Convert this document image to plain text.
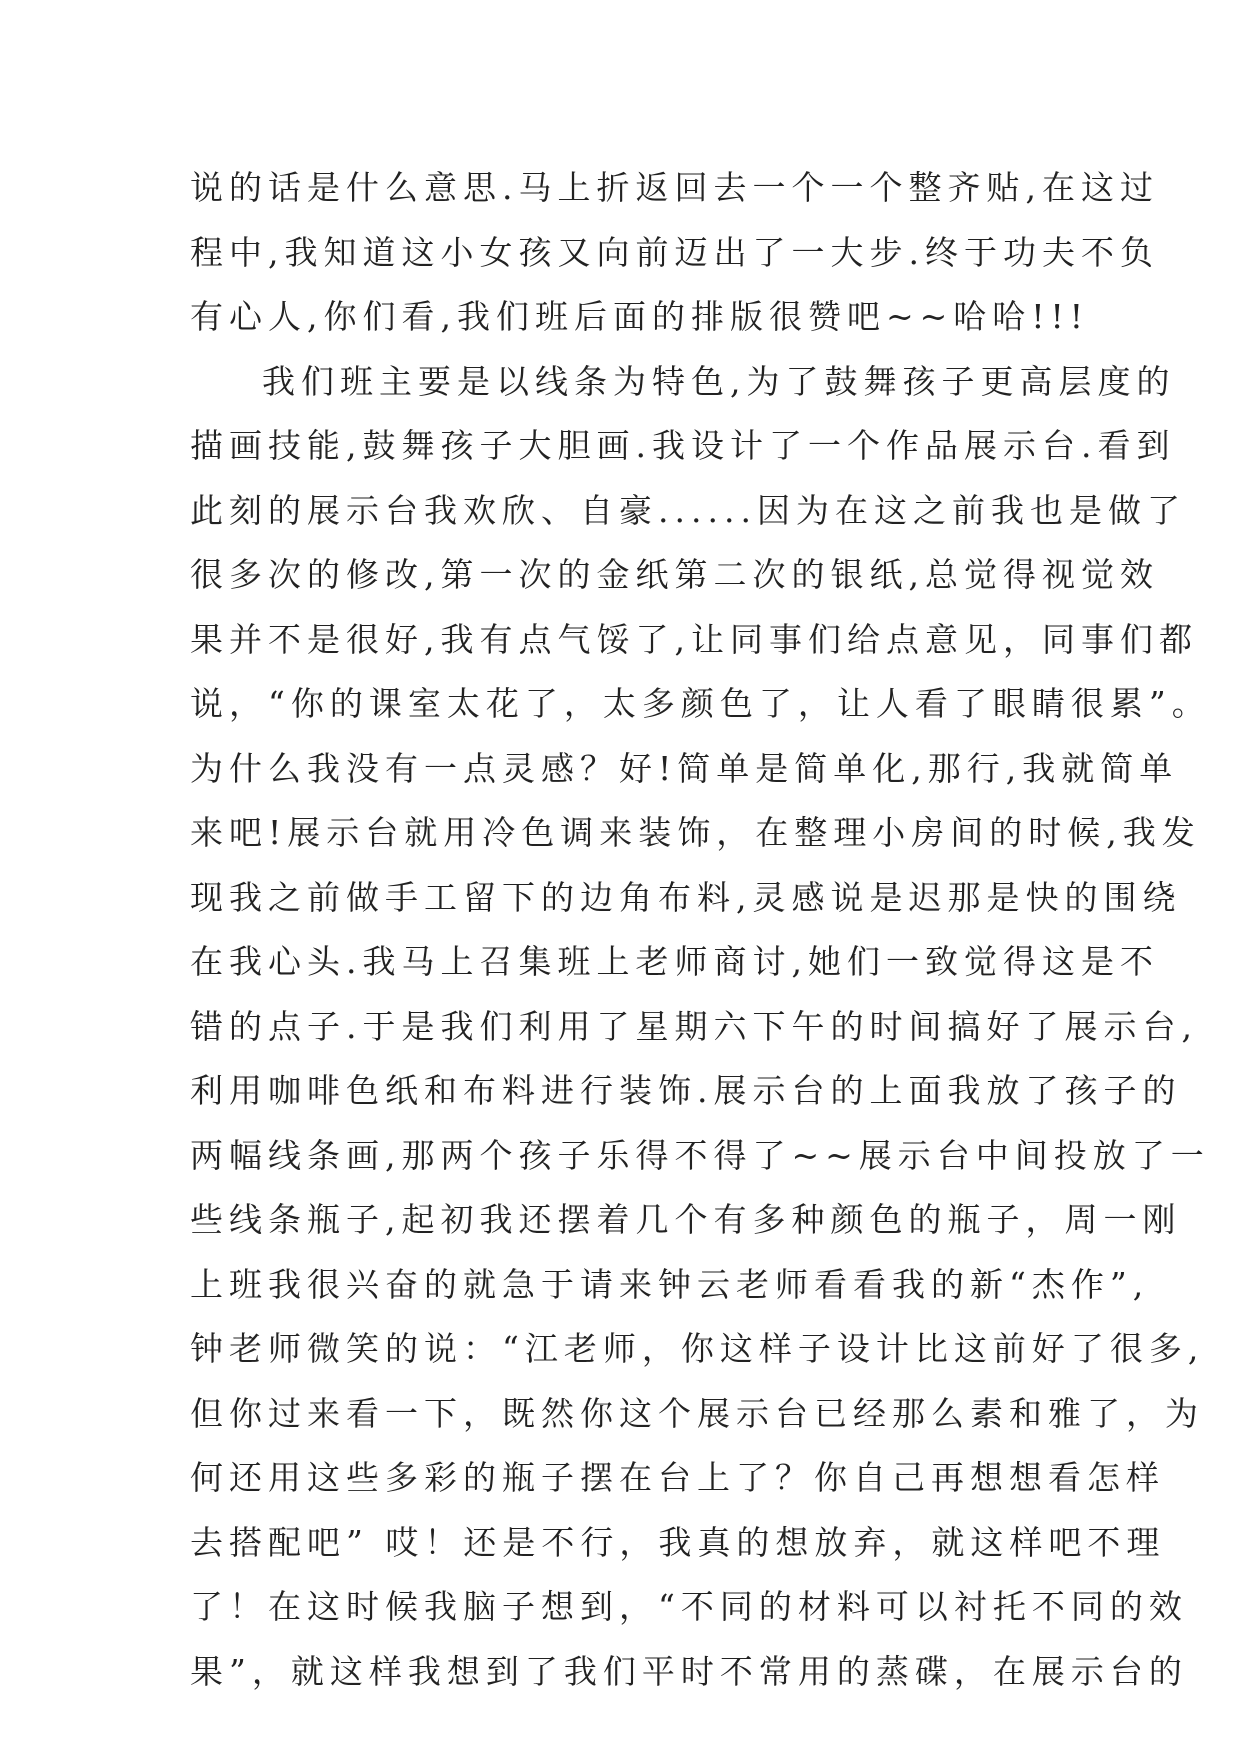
说的话是什么意思.马上折返回去一个一个整齐贴,在这过
程中,我知道这小女孩又向前迈出了一大步.终于功夫不负
有心人,你们看,我们班后面的排版很赞吧~~哈哈!!!
我们班主要是以线条为特色,为了鼓舞孩子更高层度的
描画技能,鼓舞孩子大胆画.我设计了一个作品展示台.看到
此刻的展示台我欢欣、自豪......因为在这之前我也是做了
很多次的修改,第一次的金纸第二次的银纸,总觉得视觉效
果并不是很好,我有点气馁了,让同事们给点意见，同事们都
说，“你的课室太花了，太多颜色了，让人看了眼睛很累”。
为什么我没有一点灵感？好!简单是简单化,那行,我就简单
来吧!展示台就用冷色调来装饰，在整理小房间的时候,我发
现我之前做手工留下的边角布料,灵感说是迟那是快的围绕
在我心头.我马上召集班上老师商讨,她们一致觉得这是不
错的点子.于是我们利用了星期六下午的时间搞好了展示台,
利用咖啡色纸和布料进行装饰.展示台的上面我放了孩子的
两幅线条画,那两个孩子乐得不得了~~展示台中间投放了一
些线条瓶子,起初我还摆着几个有多种颜色的瓶子，周一刚
上班我很兴奋的就急于请来钟云老师看看我的新“杰作”,
钟老师微笑的说：“江老师，你这样子设计比这前好了很多,
但你过来看一下，既然你这个展示台已经那么素和雅了，为
何还用这些多彩的瓶子摆在台上了？你自己再想想看怎样
去搭配吧” 哎！还是不行，我真的想放弃，就这样吧不理
了！在这时候我脑子想到，“不同的材料可以衬托不同的效
果”，就这样我想到了我们平时不常用的蒸碟，在展示台的
